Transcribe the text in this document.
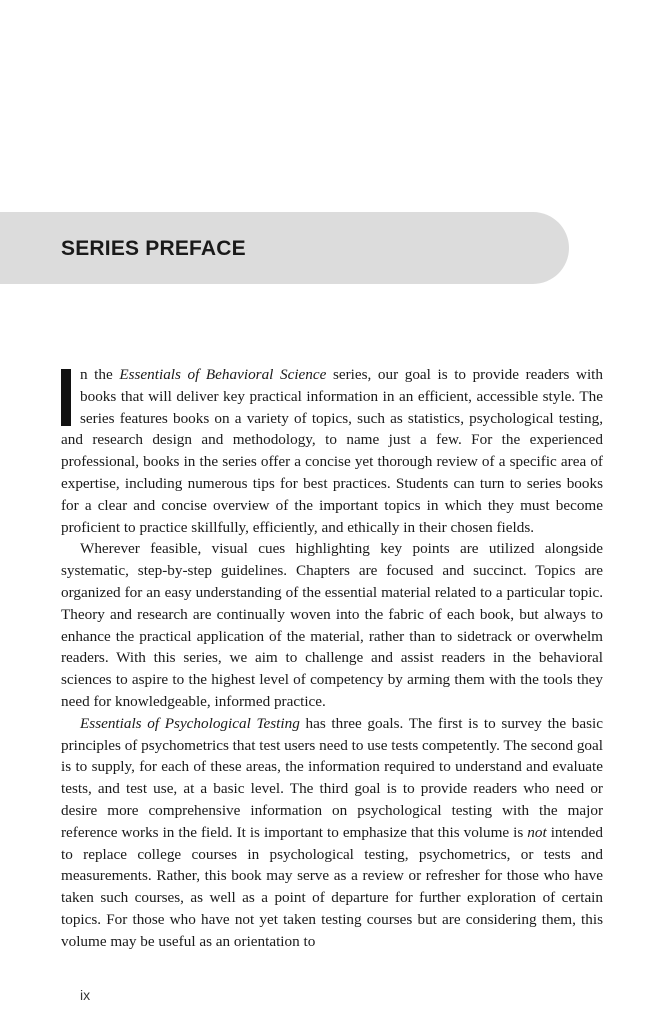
SERIES PREFACE

n the Essentials of Behavioral Science series, our goal is to provide readers with books that will deliver key practical information in an efficient, accessible style. The series features books on a variety of topics, such as statistics, psychological testing, and research design and methodology, to name just a few. For the experienced professional, books in the series offer a concise yet thorough review of a specific area of expertise, including numerous tips for best practices. Students can turn to series books for a clear and concise overview of the important topics in which they must become proficient to practice skillfully, efficiently, and ethically in their chosen fields.

Wherever feasible, visual cues highlighting key points are utilized alongside systematic, step-by-step guidelines. Chapters are focused and succinct. Topics are organized for an easy understanding of the essential material related to a particular topic. Theory and research are continually woven into the fabric of each book, but always to enhance the practical application of the material, rather than to sidetrack or overwhelm readers. With this series, we aim to challenge and assist readers in the behavioral sciences to aspire to the highest level of competency by arming them with the tools they need for knowledgeable, informed practice.

Essentials of Psychological Testing has three goals. The first is to survey the basic principles of psychometrics that test users need to use tests competently. The second goal is to supply, for each of these areas, the information required to understand and evaluate tests, and test use, at a basic level. The third goal is to provide readers who need or desire more comprehensive information on psychological testing with the major reference works in the field. It is important to emphasize that this volume is not intended to replace college courses in psychological testing, psychometrics, or tests and measurements. Rather, this book may serve as a review or refresher for those who have taken such courses, as well as a point of departure for further exploration of certain topics. For those who have not yet taken testing courses but are considering them, this volume may be useful as an orientation to

ix
